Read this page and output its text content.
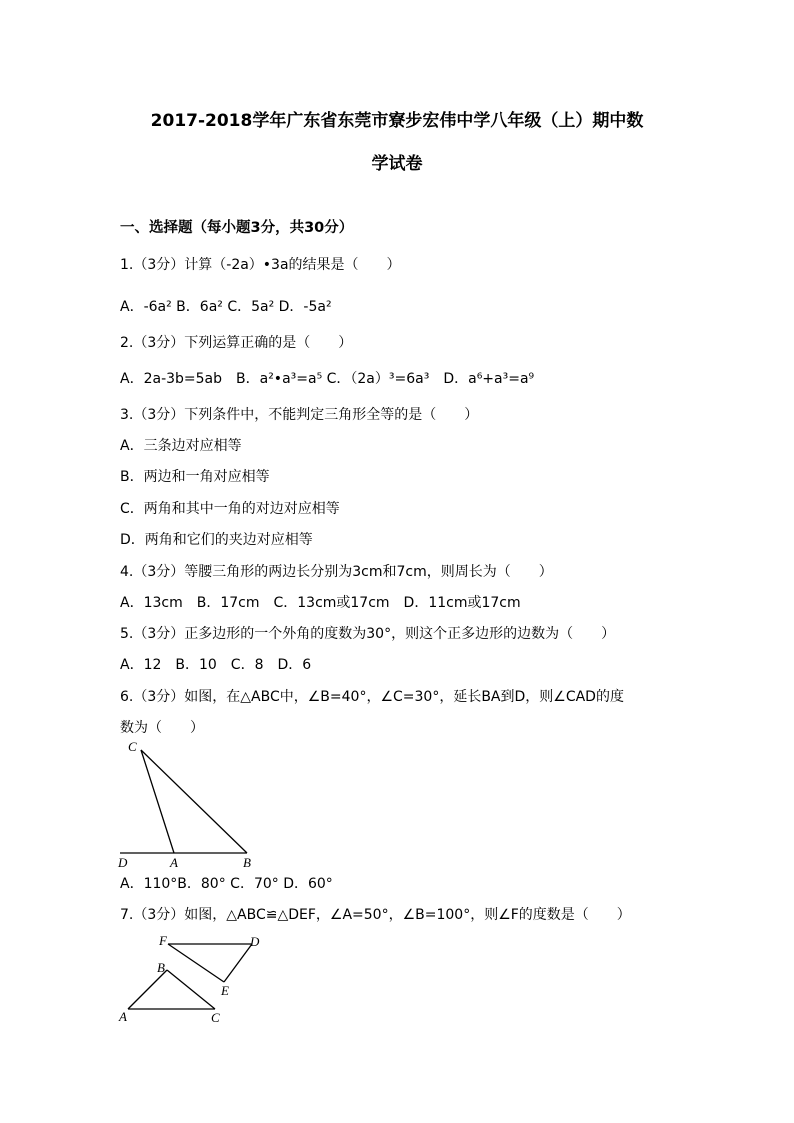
2017-2018学年广东省东莞市寮步宏伟中学八年级（上）期中数
学试卷
一、选择题（每小题3分，共30分）
1.（3分）计算（-2a）•3a的结果是（　　）
A．-6a² B．6a² C．5a² D．-5a²
2.（3分）下列运算正确的是（　　）
A．2a-3b=5ab　B．a²•a³=a⁵ C．（2a）³=6a³　D．a⁶+a³=a⁹
3.（3分）下列条件中，不能判定三角形全等的是（　　）
A．三条边对应相等
B．两边和一角对应相等
C．两角和其中一角的对边对应相等
D．两角和它们的夹边对应相等
4.（3分）等腰三角形的两边长分别为3cm和7cm，则周长为（　　）
A．13cm　B．17cm　C．13cm或17cm　D．11cm或17cm
5.（3分）正多边形的一个外角的度数为30°，则这个正多边形的边数为（　　）
A．12　B．10　C．8　D．6
6.（3分）如图，在△ABC中，∠B=40°，∠C=30°，延长BA到D，则∠CAD的度
数为（　　）
C
D	A	B
A．110°B．80° C．70° D．60°
7.（3分）如图，△ABC≌△DEF，∠A=50°，∠B=100°，则∠F的度数是（　　）
F	D
B
E
A	C
